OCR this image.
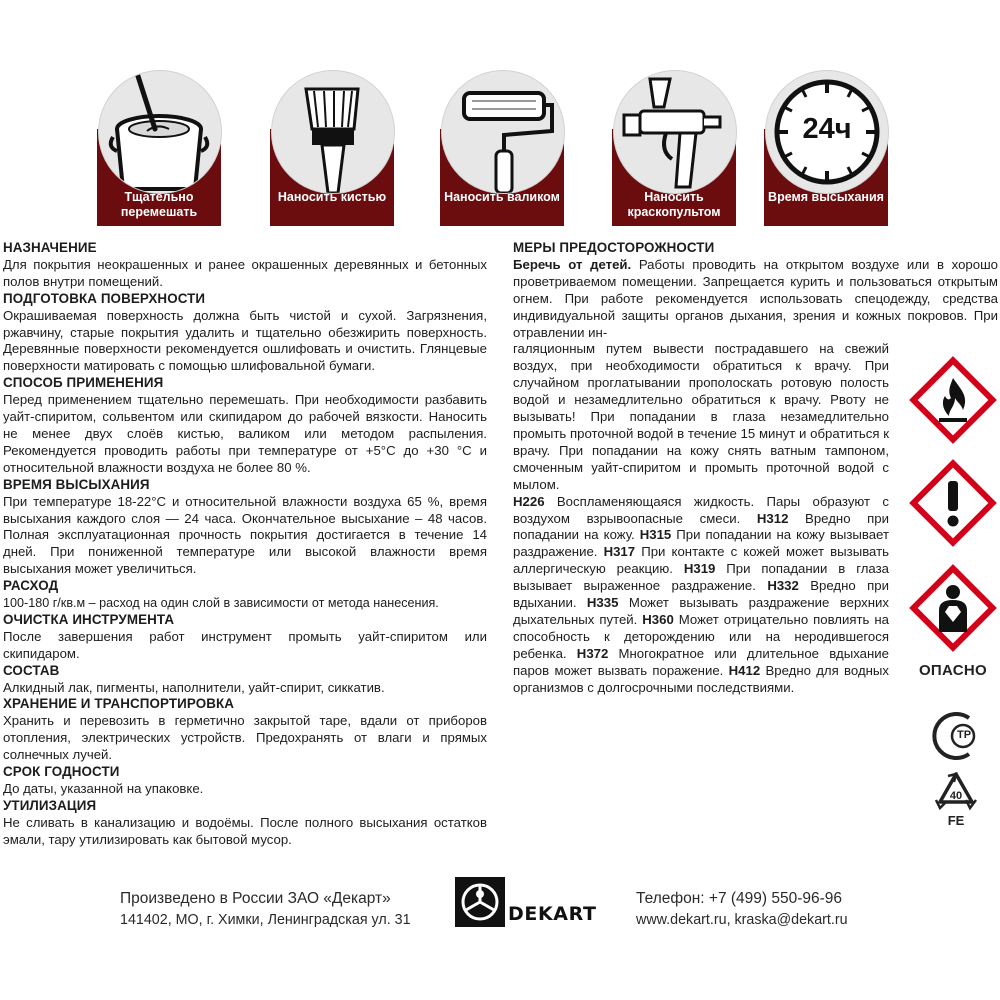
Тщательно перемешать
Наносить кистью	Наносить валиком	Наносить краскопультом
24ч
Время высыхания
НАЗНАЧЕНИЕ

Для покрытия неокрашенных и ранее окрашенных деревянных и бетонных полов внутри помещений.

ПОДГОТОВКА ПОВЕРХНОСТИ

Окрашиваемая поверхность должна быть чистой и сухой. Загрязнения, ржавчину, старые покрытия удалить и тщательно обезжирить поверхность. Деревянные поверхности рекомендуется ошлифовать и очистить. Глянцевые поверхности матировать с помощью шлифовальной бумаги.

СПОСОБ ПРИМЕНЕНИЯ

Перед применением тщательно перемешать. При необходимости разбавить уайт-спиритом, сольвентом или скипидаром до рабочей вязкости. Наносить не менее двух слоёв кистью, валиком или методом распыления. Рекомендуется проводить работы при температуре от +5°С до +30 °С и относительной влажности воздуха не более 80 %.

ВРЕМЯ ВЫСЫХАНИЯ

При температуре 18-22°С и относительной влажности воздуха 65 %, время высыхания каждого слоя — 24 часа. Окончательное высыхание – 48 часов. Полная эксплуатационная прочность покрытия достигается в течение 14 дней. При пониженной температуре или высокой влажности время высыхания может увеличиться.

РАСХОД

100-180 г/кв.м – расход на один слой в зависимости от метода нанесения.

ОЧИСТКА ИНСТРУМЕНТА

После завершения работ инструмент промыть уайт-спиритом или скипидаром.

СОСТАВ

Алкидный лак, пигменты, наполнители, уайт-спирит, сиккатив.

ХРАНЕНИЕ И ТРАНСПОРТИРОВКА

Хранить и перевозить в герметично закрытой таре, вдали от приборов отопления, электрических устройств. Предохранять от влаги и прямых солнечных лучей.

СРОК ГОДНОСТИ

До даты, указанной на упаковке.

УТИЛИЗАЦИЯ

Не сливать в канализацию и водоёмы. После полного высыхания остатков эмали, тару утилизировать как бытовой мусор.

МЕРЫ ПРЕДОСТОРОЖНОСТИ

Беречь от детей. Работы проводить на открытом воздухе или в хорошо проветриваемом помещении. Запрещается курить и пользоваться открытым огнем. При работе рекомендуется использовать спецодежду, средства индивидуальной защиты органов дыхания, зрения и кожных покровов. При отравлении ин-

галяционным путем вывести пострадавшего на свежий воздух, при необходимости обратиться к врачу. При случайном проглатывании прополоскать ротовую полость водой и незамедлительно обратиться к врачу. Рвоту не вызывать! При попадании в глаза незамедлительно промыть проточной водой в течение 15 минут и обратиться к врачу. При попадании на кожу снять ватным тампоном, смоченным уайт-спиритом и промыть проточной водой с мылом.

H226 Воспламеняющаяся жидкость. Пары образуют с воздухом взрывоопасные смеси. H312 Вредно при попадании на кожу. H315 При попадании на кожу вызывает раздражение. H317 При контакте с кожей может вызывать аллергическую реакцию. H319 При попадании в глаза вызывает выраженное раздражение. H332 Вредно при вдыхании. H335 Может вызывать раздражение верхних дыхательных путей. H360 Может отрицательно повлиять на способность к деторождению или на неродившегося ребенка. H372 Многократное или длительное вдыхание паров может вызвать поражение. H412 Вредно для водных организмов с долгосрочными последствиями.

ОПАСНО
ТР
40
FE
Произведено в России ЗАО «Декарт»
141402, МО, г. Химки, Ленинградская ул. 31	DEKART
Телефон: +7 (499) 550-96-96
www.dekart.ru, kraska@dekart.ru
